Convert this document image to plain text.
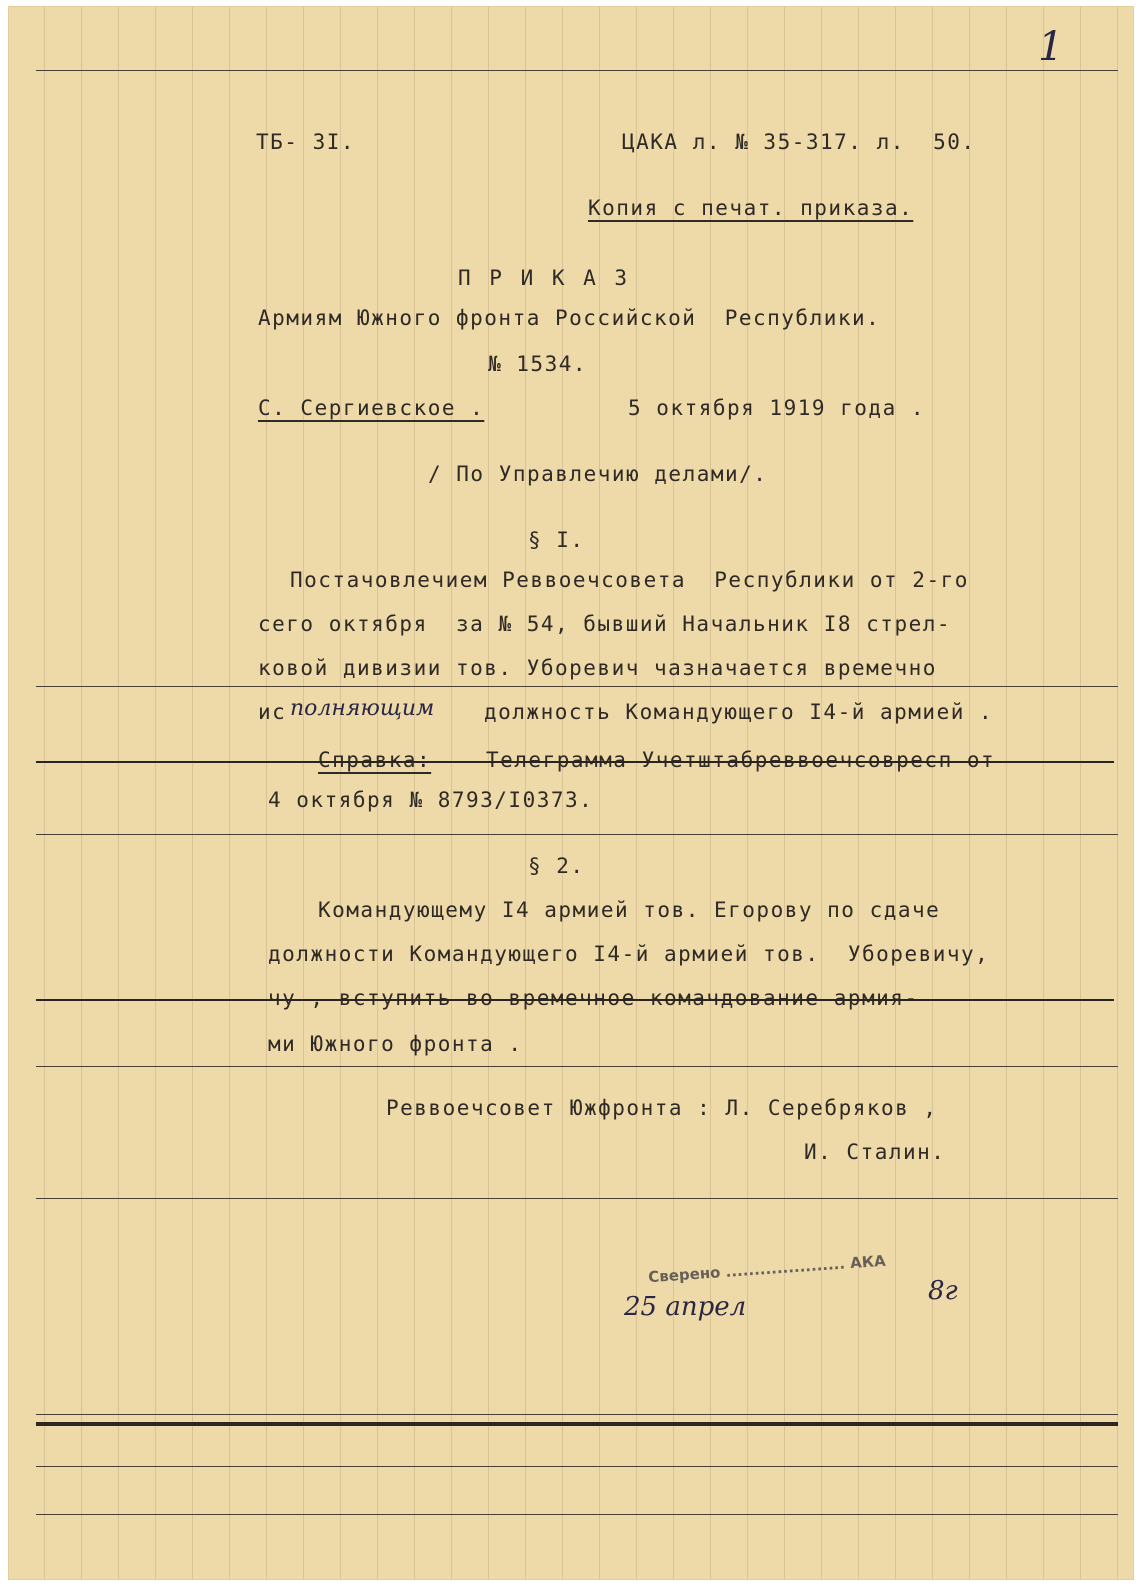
1
ТБ- 3I.	ЦАКА л. № 35-317. л.  50.
Копия с печат. приказа.
П Р И К А З
Армиям Южного фронта Российской  Республики.
№ 1534.
С. Сергиевское .	5 октября 1919 года .
/ По Управлечию делами/.
§ I.
Постачовлечием Реввоечсовета  Республики от 2-го
сего октября  за № 54, бывший Начальник I8 стрел-
ковой дивизии тов. Уборевич чазначается времечно
ис полняющим должность Командующего I4-й армией .
Справка:	Телеграмма Учетштабреввоечсовресп от
4 октября № 8793/I0373.
§ 2.
Командующему I4 армией тов. Егорову по сдаче
должности Командующего I4-й армией тов.  Уборевичу,
чу , вступить во времечное комачдование армия-
ми Южного фронта .
Реввоечсовет Южфронта : Л. Серебряков ,
И. Сталин.
Сверено ..................... АКА
25 апрел
8г
